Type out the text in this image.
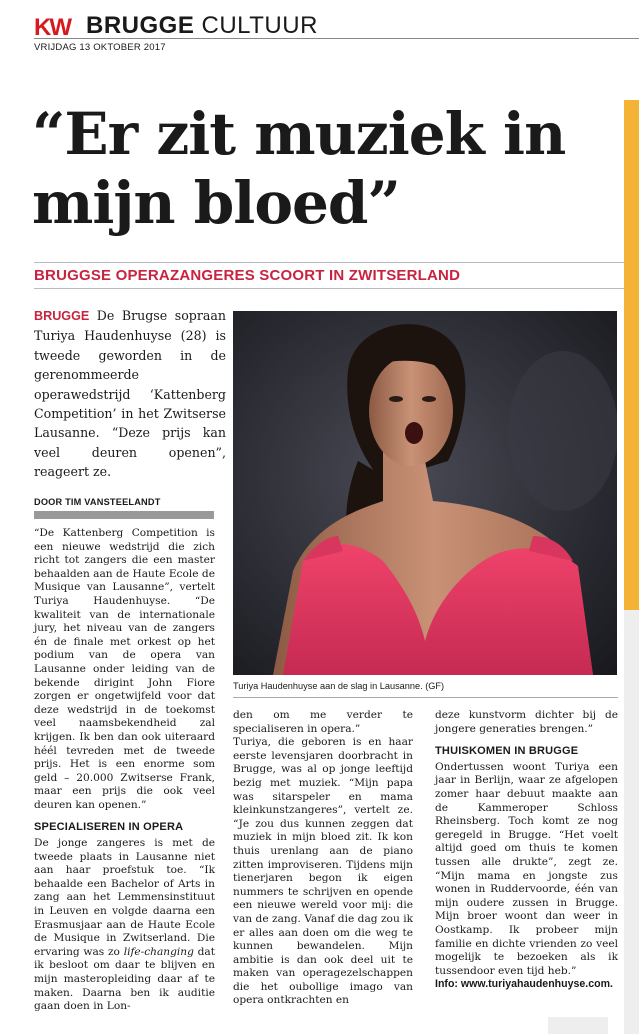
KW BRUGGE CULTUUR
VRIJDAG 13 OKTOBER 2017
“Er zit muziek in
mijn bloed”
BRUGGSE OPERAZANGERES SCOORT IN ZWITSERLAND
BRUGGE De Brugse sopraan Turiya Haudenhuyse (28) is tweede geworden in de gerenommeerde operawedstrijd ‘Kattenberg Competition’ in het Zwitserse Lausanne. “Deze prijs kan veel deuren openen”, reageert ze.
DOOR TIM VANSTEELANDT

“De Kattenberg Competition is een nieuwe wedstrijd die zich richt tot zangers die een master behaalden aan de Haute Ecole de Musique van Lausanne”, vertelt Turiya Haudenhuyse. “De kwaliteit van de internationale jury, het niveau van de zangers én de finale met orkest op het podium van de opera van Lausanne onder leiding van de bekende dirigint John Fiore zorgen er ongetwijfeld voor dat deze wedstrijd in de toekomst veel naamsbekendheid zal krijgen. Ik ben dan ook uiteraard héél tevreden met de tweede prijs. Het is een enorme som geld – 20.000 Zwitserse Frank, maar een prijs die ook veel deuren kan openen.”

SPECIALISEREN IN OPERA

De jonge zangeres is met de tweede plaats in Lausanne niet aan haar proefstuk toe. “Ik behaalde een Bachelor of Arts in zang aan het Lemmensinstituut in Leuven en volgde daarna een Erasmusjaar aan de Haute Ecole de Musique in Zwitserland. Die ervaring was zo life-changing dat ik besloot om daar te blijven en mijn masteropleiding daar af te maken. Daarna ben ik auditie gaan doen in Lon-

Turiya Haudenhuyse aan de slag in Lausanne. (GF)

den om me verder te specialiseren in opera.”

Turiya, die geboren is en haar eerste levensjaren doorbracht in Brugge, was al op jonge leeftijd bezig met muziek. “Mijn papa was sitarspeler en mama kleinkunstzangeres”, vertelt ze. “Je zou dus kunnen zeggen dat muziek in mijn bloed zit. Ik kon thuis urenlang aan de piano zitten improviseren. Tijdens mijn tienerjaren begon ik eigen nummers te schrijven en opende een nieuwe wereld voor mij: die van de zang. Vanaf die dag zou ik er alles aan doen om die weg te kunnen bewandelen. Mijn ambitie is dan ook deel uit te maken van operagezelschappen die het oubollige imago van opera ontkrachten en

deze kunstvorm dichter bij de jongere generaties brengen.”

THUISKOMEN IN BRUGGE

Ondertussen woont Turiya een jaar in Berlijn, waar ze afgelopen zomer haar debuut maakte aan de Kammeroper Schloss Rheinsberg. Toch komt ze nog geregeld in Brugge. “Het voelt altijd goed om thuis te komen tussen alle drukte”, zegt ze. “Mijn mama en jongste zus wonen in Ruddervoorde, één van mijn oudere zussen in Brugge. Mijn broer woont dan weer in Oostkamp. Ik probeer mijn familie en dichte vrienden zo veel mogelijk te bezoeken als ik tussendoor even tijd heb.”

Info: www.turiyahaudenhuyse.com.
